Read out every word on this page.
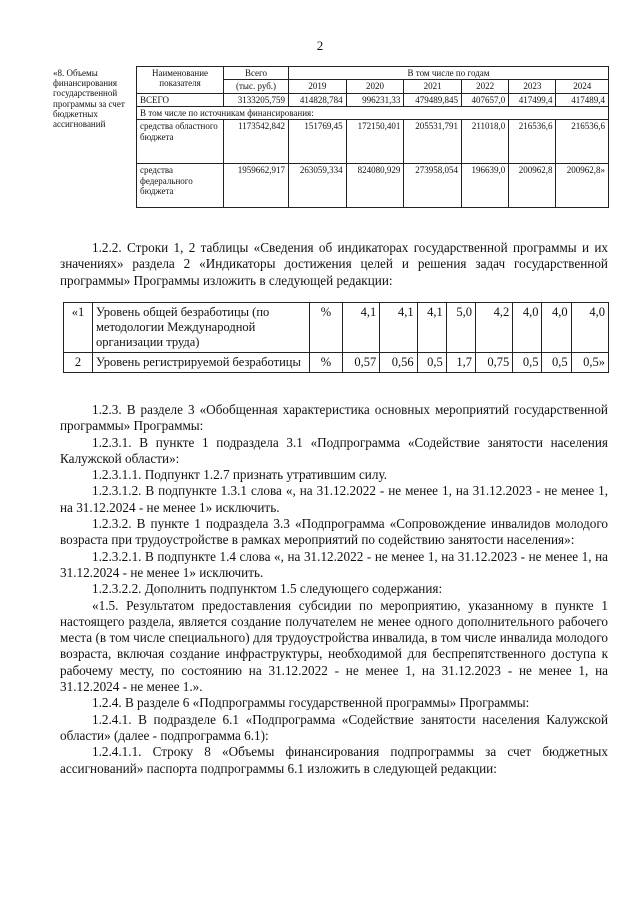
2
«8. Объемы финансирования государственной программы за счет бюджетных ассигнований	Наименование показателя	Всего	В том числе по годам					
		(тыс. руб.)	2019	2020	2021	2022	2023	2024
	ВСЕГО	3133205,759	414828,784	996231,33	479489,845	407657,0	417499,4	417489,4
	В том числе по источникам финансирования:							
	средства областного бюджета	1173542,842	151769,45	172150,401	205531,791	211018,0	216536,6	216536,6
	средства федерального бюджета	1959662,917	263059,334	824080,929	273958,054	196639,0	200962,8	200962,8»

1.2.2. Строки 1, 2 таблицы «Сведения об индикаторах государственной программы и их значениях» раздела 2 «Индикаторы достижения целей и решения задач государственной программы» Программы изложить в следующей редакции:

«1	Уровень общей безработицы (по методологии Международной организации труда)	%	4,1	4,1	4,1	5,0	4,2	4,0	4,0	4,0
2	Уровень регистрируемой безработицы	%	0,57	0,56	0,5	1,7	0,75	0,5	0,5	0,5»

1.2.3. В разделе 3 «Обобщенная характеристика основных мероприятий государственной программы» Программы:

1.2.3.1. В пункте 1 подраздела 3.1 «Подпрограмма «Содействие занятости населения Калужской области»:

1.2.3.1.1. Подпункт 1.2.7 признать утратившим силу.

1.2.3.1.2. В подпункте 1.3.1 слова «, на 31.12.2022 - не менее 1, на 31.12.2023 - не менее 1, на 31.12.2024 - не менее 1» исключить.

1.2.3.2. В пункте 1 подраздела 3.3 «Подпрограмма «Сопровождение инвалидов молодого возраста при трудоустройстве в рамках мероприятий по содействию занятости населения»:

1.2.3.2.1. В подпункте 1.4 слова «, на 31.12.2022 - не менее 1, на 31.12.2023 - не менее 1, на 31.12.2024 - не менее 1» исключить.

1.2.3.2.2. Дополнить подпунктом 1.5 следующего содержания:

«1.5. Результатом предоставления субсидии по мероприятию, указанному в пункте 1 настоящего раздела, является создание получателем не менее одного дополнительного рабочего места (в том числе специального) для трудоустройства инвалида, в том числе инвалида молодого возраста, включая создание инфраструктуры, необходимой для беспрепятственного доступа к рабочему месту, по состоянию на 31.12.2022 - не менее 1, на 31.12.2023 - не менее 1, на 31.12.2024 - не менее 1.».

1.2.4. В разделе 6 «Подпрограммы государственной программы» Программы:

1.2.4.1. В подразделе 6.1 «Подпрограмма «Содействие занятости населения Калужской области» (далее - подпрограмма 6.1):

1.2.4.1.1. Строку 8 «Объемы финансирования подпрограммы за счет бюджетных ассигнований» паспорта подпрограммы 6.1 изложить в следующей редакции:
